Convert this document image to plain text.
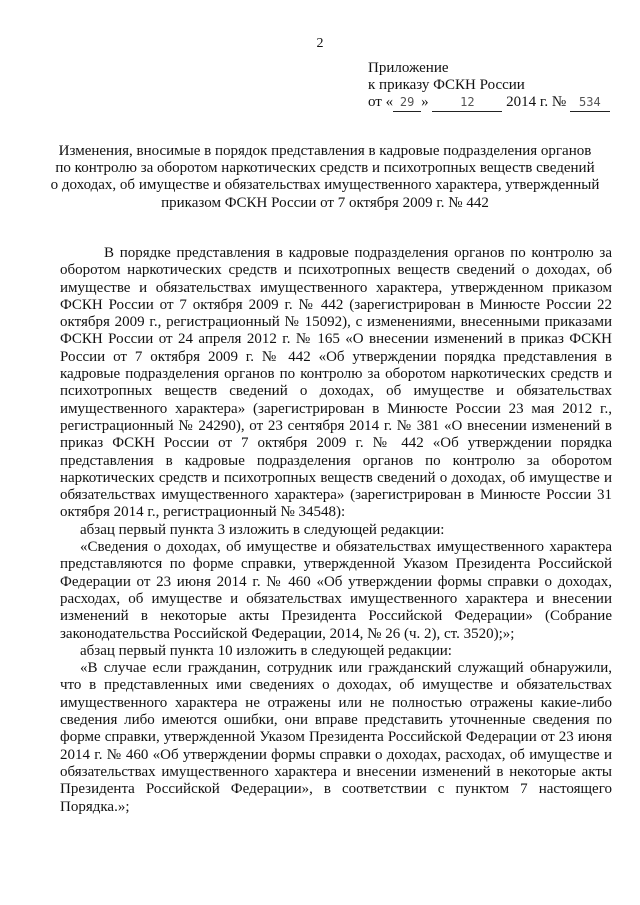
2
Приложение
к приказу ФСКН России
от « 29 »	12 2014 г. № 534
Изменения, вносимые в порядок представления в кадровые подразделения органов по контролю за оборотом наркотических средств и психотропных веществ сведений о доходах, об имуществе и обязательствах имущественного характера, утвержденный приказом ФСКН России от 7 октября 2009 г. № 442

В порядке представления в кадровые подразделения органов по контролю за оборотом наркотических средств и психотропных веществ сведений о доходах, об имуществе и обязательствах имущественного характера, утвержденном приказом ФСКН России от 7 октября 2009 г. № 442 (зарегистрирован в Минюсте России 22 октября 2009 г., регистрационный № 15092), с изменениями, внесенными приказами ФСКН России от 24 апреля 2012 г. № 165 «О внесении изменений в приказ ФСКН России от 7 октября 2009 г. № 442 «Об утверждении порядка представления в кадровые подразделения органов по контролю за оборотом наркотических средств и психотропных веществ сведений о доходах, об имуществе и обязательствах имущественного характера» (зарегистрирован в Минюсте России 23 мая 2012 г., регистрационный № 24290), от 23 сентября 2014 г. № 381 «О внесении изменений в приказ ФСКН России от 7 октября 2009 г. № 442 «Об утверждении порядка представления в кадровые подразделения органов по контролю за оборотом наркотических средств и психотропных веществ сведений о доходах, об имуществе и обязательствах имущественного характера» (зарегистрирован в Минюсте России 31 октября 2014 г., регистрационный № 34548):

абзац первый пункта 3 изложить в следующей редакции:

«Сведения о доходах, об имуществе и обязательствах имущественного характера представляются по форме справки, утвержденной Указом Президента Российской Федерации от 23 июня 2014 г. № 460 «Об утверждении формы справки о доходах, расходах, об имуществе и обязательствах имущественного характера и внесении изменений в некоторые акты Президента Российской Федерации» (Собрание законодательства Российской Федерации, 2014, № 26 (ч. 2), ст. 3520);»;

абзац первый пункта 10 изложить в следующей редакции:

«В случае если гражданин, сотрудник или гражданский служащий обнаружили, что в представленных ими сведениях о доходах, об имуществе и обязательствах имущественного характера не отражены или не полностью отражены какие-либо сведения либо имеются ошибки, они вправе представить уточненные сведения по форме справки, утвержденной Указом Президента Российской Федерации от 23 июня 2014 г. № 460 «Об утверждении формы справки о доходах, расходах, об имуществе и обязательствах имущественного характера и внесении изменений в некоторые акты Президента Российской Федерации», в соответствии с пунктом 7 настоящего Порядка.»;
